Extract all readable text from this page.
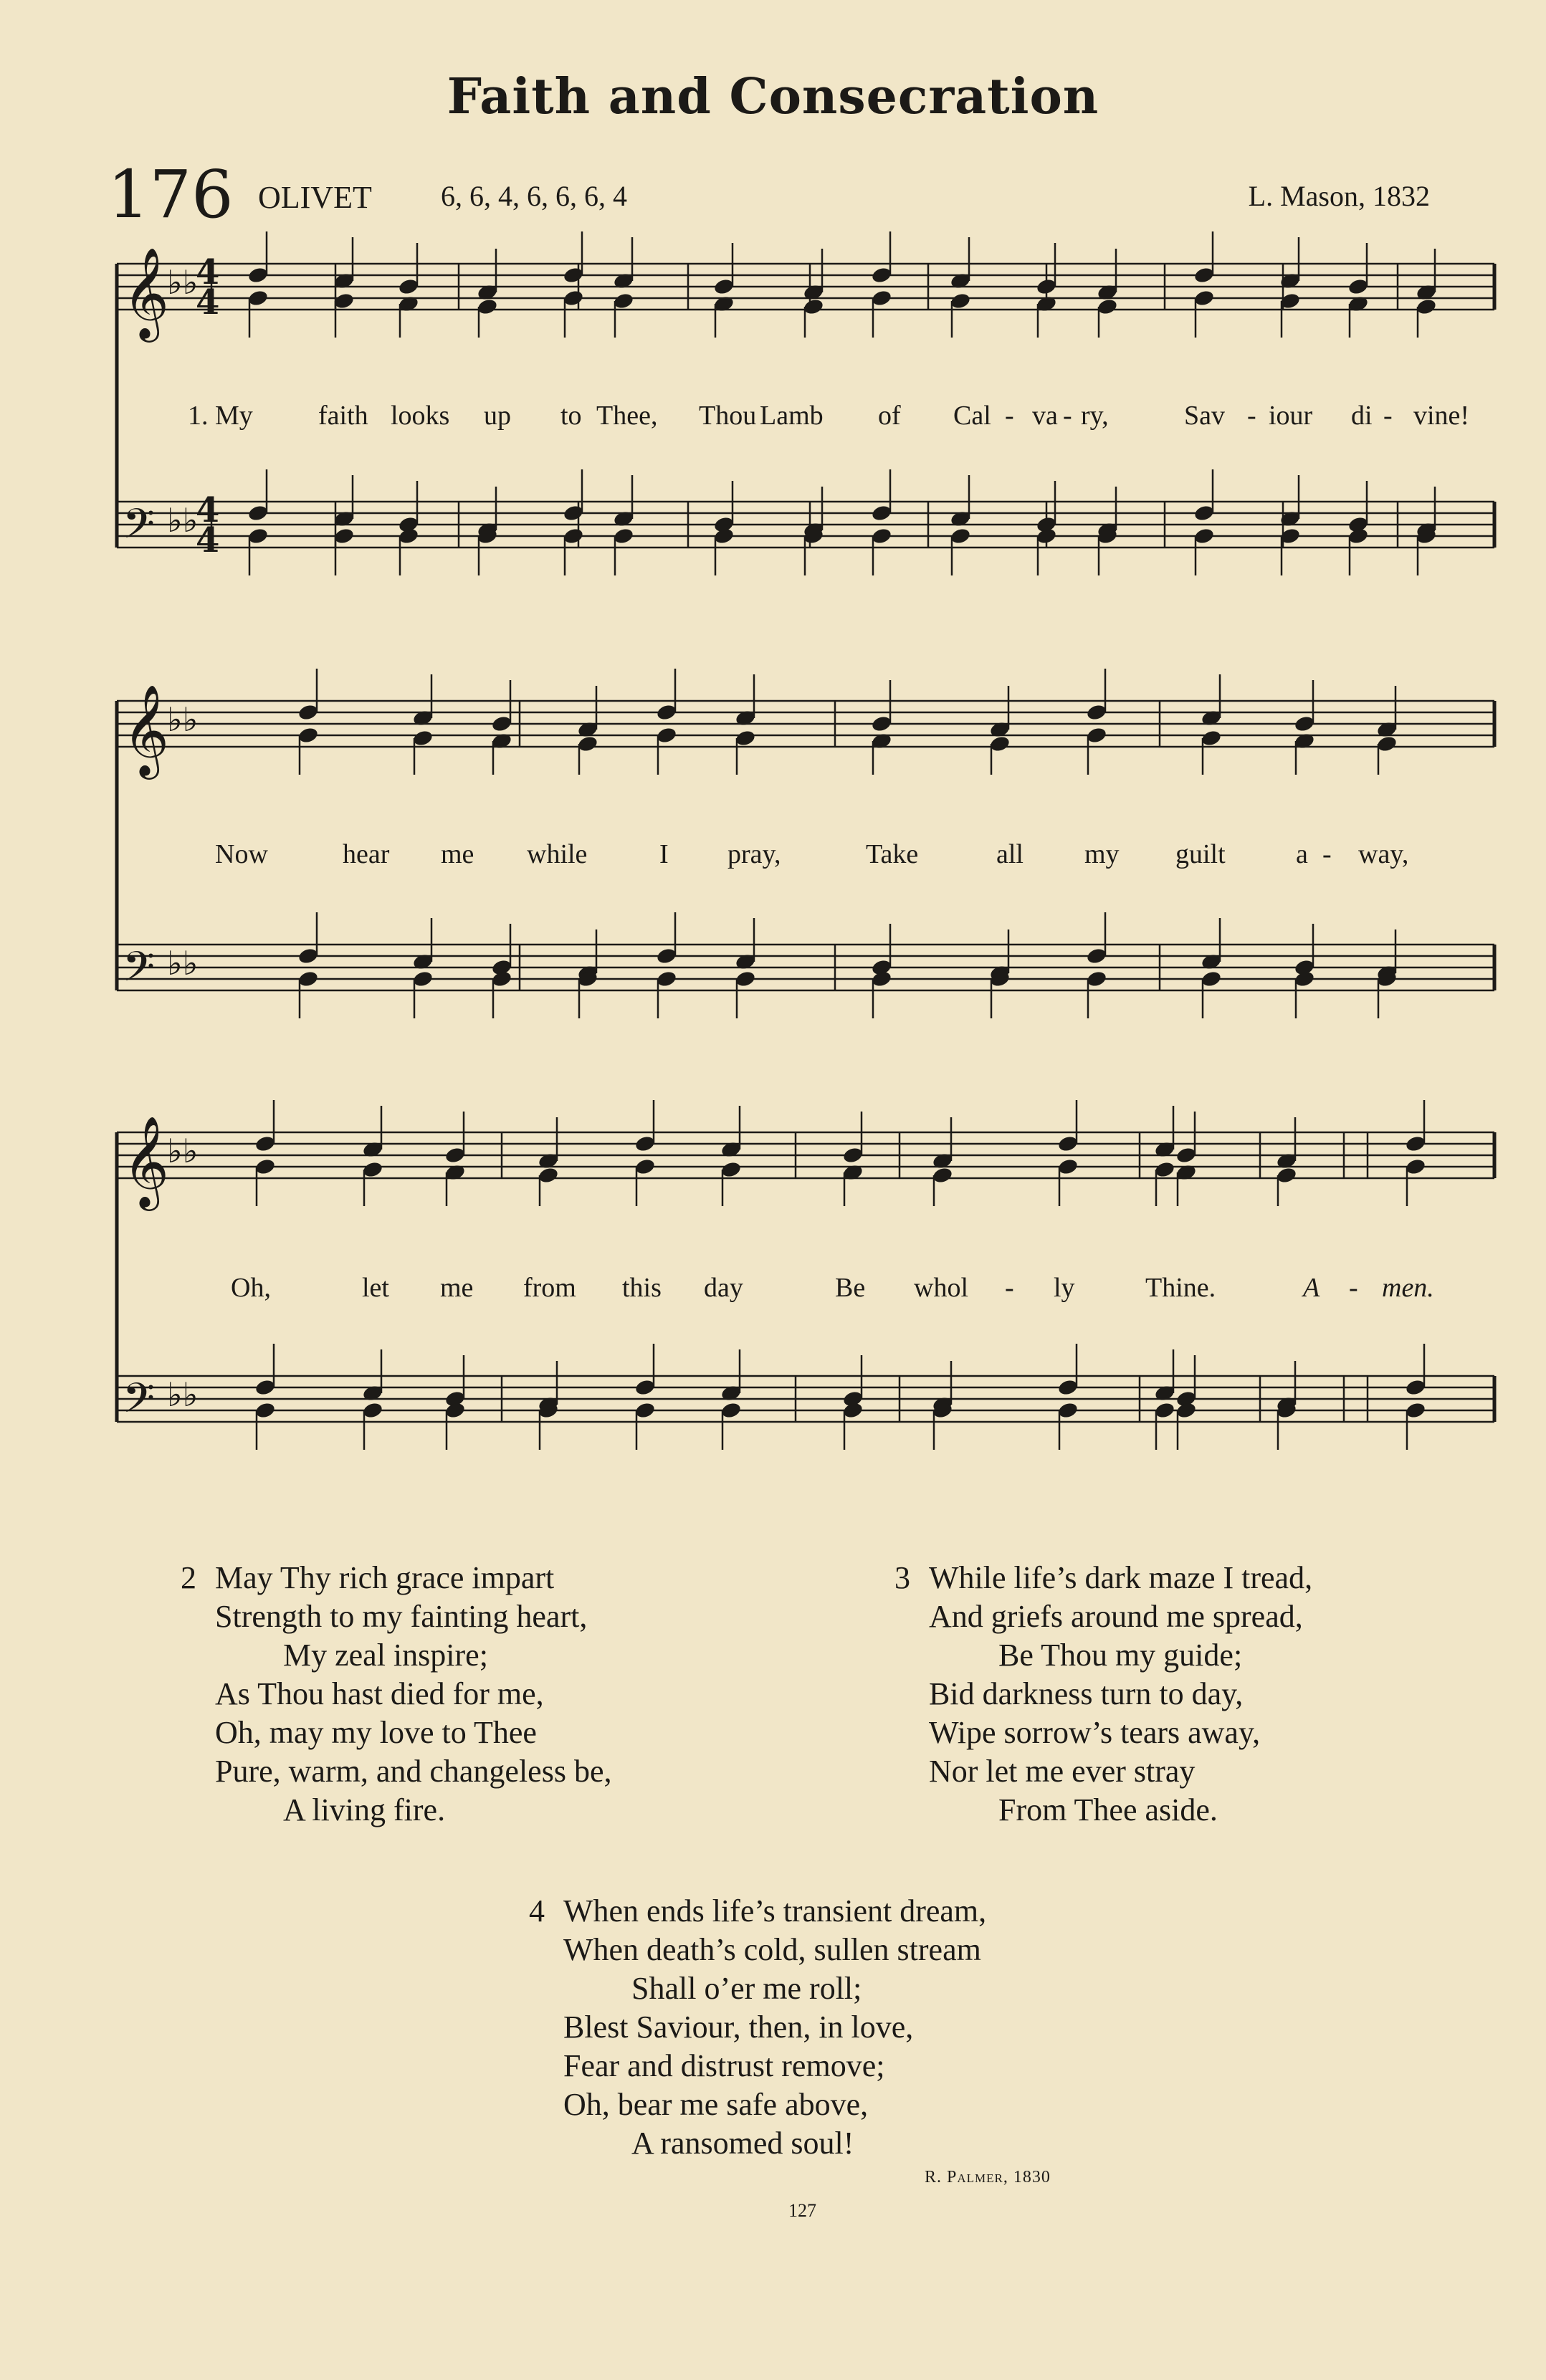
Faith and Consecration
176 OLIVET 6, 6, 4, 6, 6, 6, 4	L. Mason, 1832
𝄞
♭♭
4
4
𝄢 ♭♭
4
4
𝄞
♭♭
𝄢 ♭♭
𝄞
♭♭
𝄢 ♭♭
1. My faith looks up to Thee, Thou Lamb of Cal - va - ry,	Sav - iour di - vine!
Now	hear me while	I pray,	Take	all my guilt	a - way,
Oh,	let me from this day	Be whol - ly	Thine.	A - men.
2 May Thy rich grace impart
Strength to my fainting heart,
My zeal inspire;
As Thou hast died for me,
Oh, may my love to Thee
Pure, warm, and changeless be,
A living fire.
3 While life’s dark maze I tread,
And griefs around me spread,
Be Thou my guide;
Bid darkness turn to day,
Wipe sorrow’s tears away,
Nor let me ever stray
From Thee aside.
4 When ends life’s transient dream,
When death’s cold, sullen stream
Shall o’er me roll;
Blest Saviour, then, in love,
Fear and distrust remove;
Oh, bear me safe above,
A ransomed soul!
R. Palmer, 1830
127
